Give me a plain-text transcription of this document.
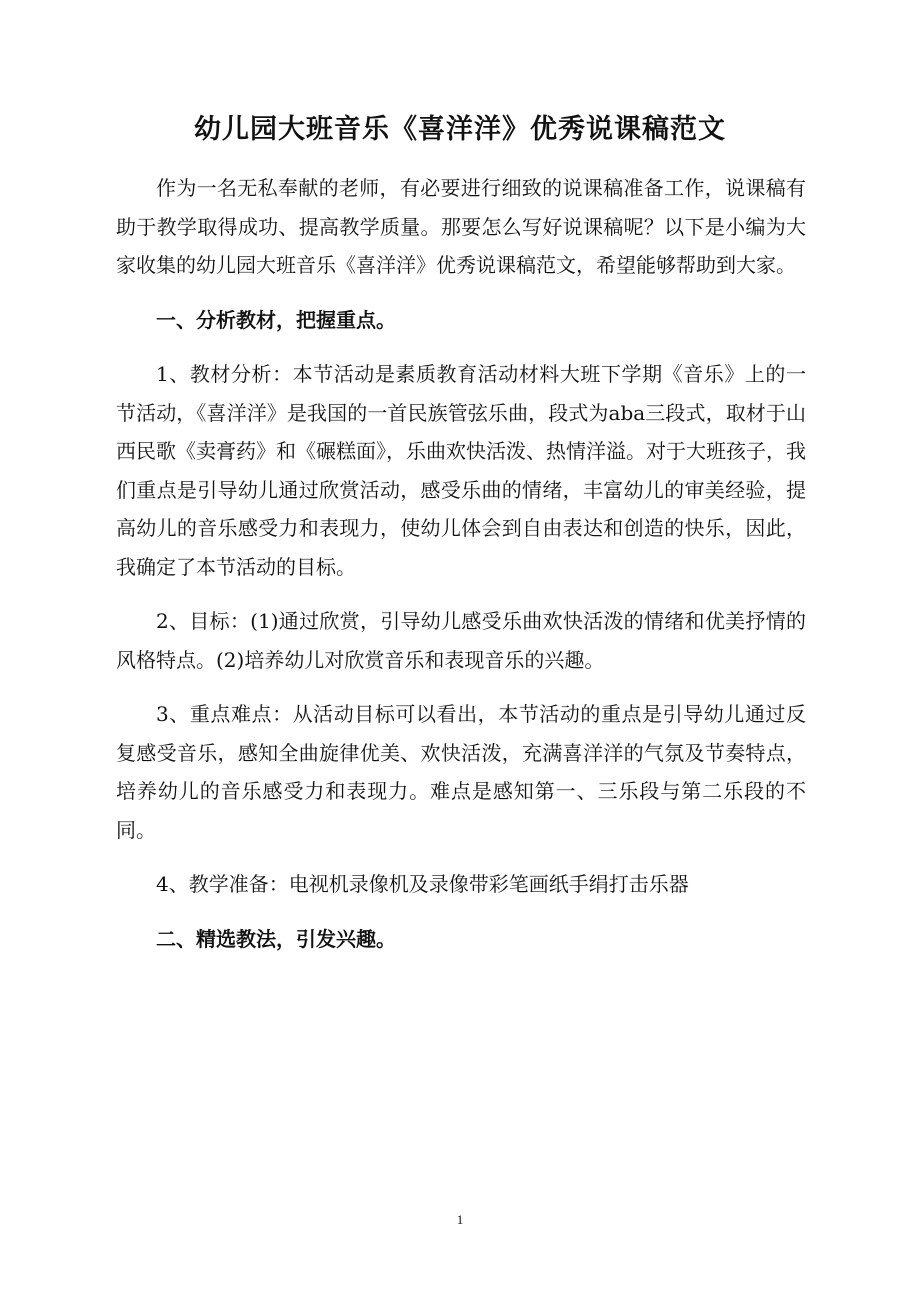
幼儿园大班音乐《喜洋洋》优秀说课稿范文

作为一名无私奉献的老师，有必要进行细致的说课稿准备工作，说课稿有助于教学取得成功、提高教学质量。那要怎么写好说课稿呢？以下是小编为大家收集的幼儿园大班音乐《喜洋洋》优秀说课稿范文，希望能够帮助到大家。

一、分析教材，把握重点。

1、教材分析：本节活动是素质教育活动材料大班下学期《音乐》上的一节活动，《喜洋洋》是我国的一首民族管弦乐曲，段式为aba三段式，取材于山西民歌《卖膏药》和《碾糕面》，乐曲欢快活泼、热情洋溢。对于大班孩子，我们重点是引导幼儿通过欣赏活动，感受乐曲的情绪，丰富幼儿的审美经验，提高幼儿的音乐感受力和表现力，使幼儿体会到自由表达和创造的快乐，因此，我确定了本节活动的目标。

2、目标：(1)通过欣赏，引导幼儿感受乐曲欢快活泼的情绪和优美抒情的风格特点。(2)培养幼儿对欣赏音乐和表现音乐的兴趣。

3、重点难点：从活动目标可以看出，本节活动的重点是引导幼儿通过反复感受音乐，感知全曲旋律优美、欢快活泼，充满喜洋洋的气氛及节奏特点，培养幼儿的音乐感受力和表现力。难点是感知第一、三乐段与第二乐段的不同。

4、教学准备：电视机录像机及录像带彩笔画纸手绢打击乐器

二、精选教法，引发兴趣。

1
